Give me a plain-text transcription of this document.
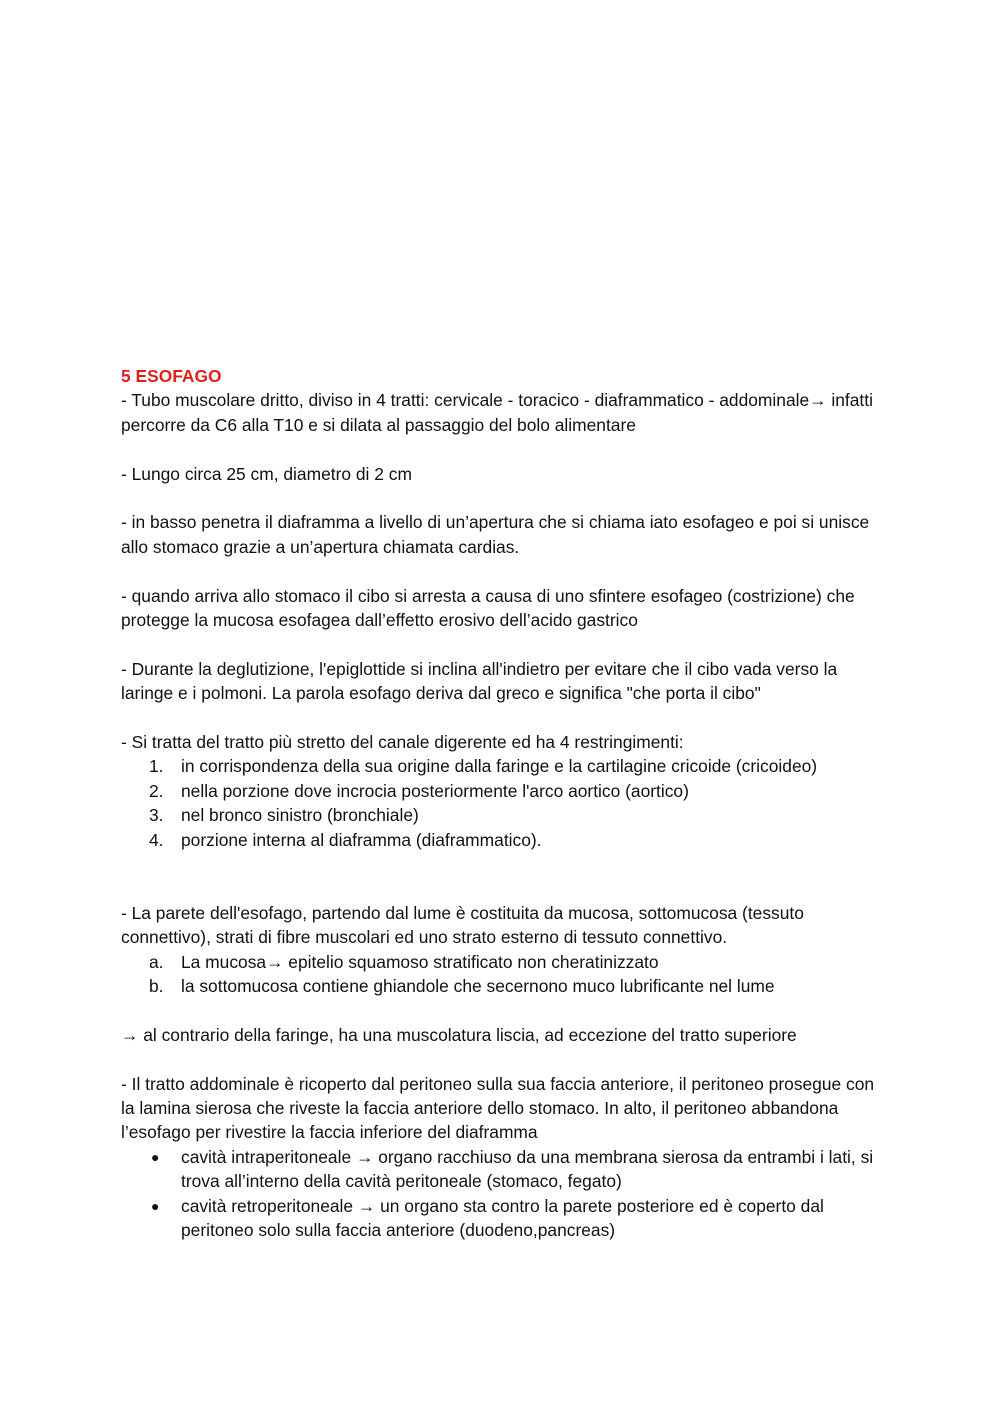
5 ESOFAGO

- Tubo muscolare dritto, diviso in 4 tratti: cervicale - toracico - diaframmatico - addominale→ infatti percorre da C6 alla T10 e si dilata al passaggio del bolo alimentare

- Lungo circa 25 cm, diametro di 2 cm

- in basso penetra il diaframma a livello di un’apertura che si chiama iato esofageo e poi si unisce allo stomaco grazie a un’apertura chiamata cardias.

- quando arriva allo stomaco il cibo si arresta a causa di uno sfintere esofageo (costrizione) che protegge la mucosa esofagea dall’effetto erosivo dell’acido gastrico

- Durante la deglutizione, l'epiglottide si inclina all'indietro per evitare che il cibo vada verso la laringe e i polmoni. La parola esofago deriva dal greco e significa "che porta il cibo"

- Si tratta del tratto più stretto del canale digerente ed ha 4 restringimenti:

1.	in corrispondenza della sua origine dalla faringe e la cartilagine cricoide (cricoideo)
2.	nella porzione dove incrocia posteriormente l'arco aortico (aortico)
3.	nel bronco sinistro (bronchiale)
4.	porzione interna al diaframma (diaframmatico).

- La parete dell'esofago, partendo dal lume è costituita da mucosa, sottomucosa (tessuto connettivo), strati di fibre muscolari ed uno strato esterno di tessuto connettivo.

a.	La mucosa→ epitelio squamoso stratificato non cheratinizzato
b.	la sottomucosa contiene ghiandole che secernono muco lubrificante nel lume

→ al contrario della faringe, ha una muscolatura liscia, ad eccezione del tratto superiore

- Il tratto addominale è ricoperto dal peritoneo sulla sua faccia anteriore, il peritoneo prosegue con la lamina sierosa che riveste la faccia anteriore dello stomaco. In alto, il peritoneo abbandona l’esofago per rivestire la faccia inferiore del diaframma

●	cavità intraperitoneale → organo racchiuso da una membrana sierosa da entrambi i lati, si trova all’interno della cavità peritoneale (stomaco, fegato)
●	cavità retroperitoneale → un organo sta contro la parete posteriore ed è coperto dal peritoneo solo sulla faccia anteriore (duodeno,pancreas)
